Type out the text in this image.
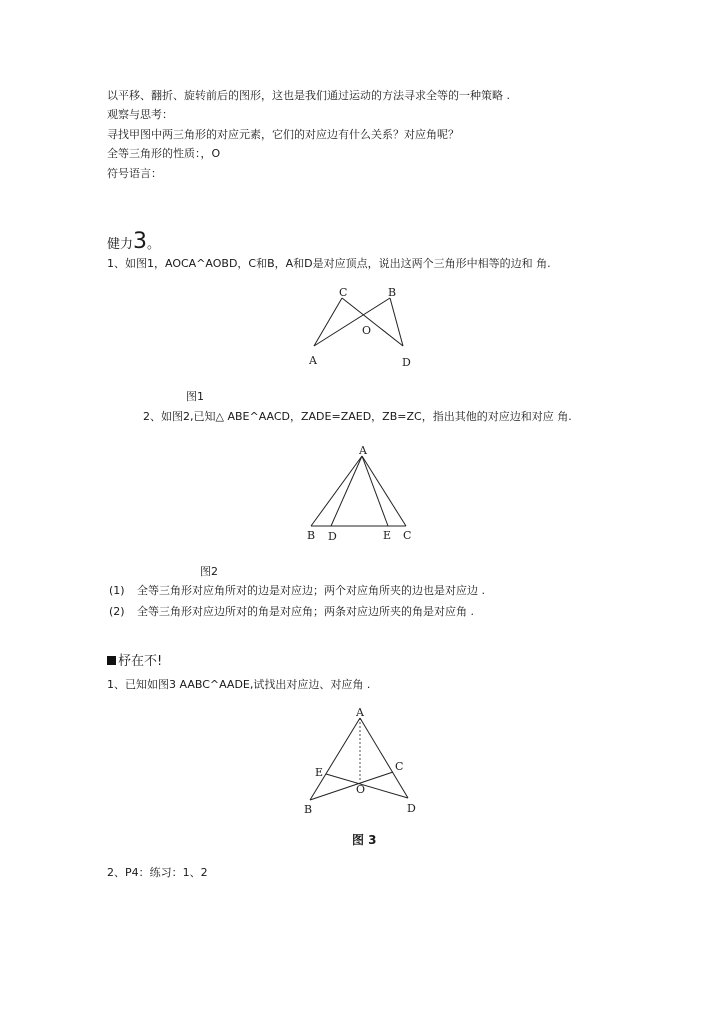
以平移、翻折、旋转前后的图形，这也是我们通过运动的方法寻求全等的一种策略 .
观察与思考：
寻找甲图中两三角形的对应元素，它们的对应边有什么关系？对应角呢？
全等三角形的性质：，O
符号语言：
健力3。
1、如图1，AOCA^AOBD，C和B，A和D是对应顶点，说出这两个三角形中相等的边和 角.
C	B
O
A	D
图1
2、如图2,已知△ ABE^AACD，ZADE=ZAED，ZB=ZC，指出其他的对应边和对应 角.
A
B D	E C
图2
(1) 全等三角形对应角所对的边是对应边；两个对应角所夹的边也是对应边 .
(2) 全等三角形对应边所对的角是对应角；两条对应边所夹的角是对应角 .
杼在不!
1、已知如图3 AABC^AADE,试找出对应边、对应角 .
A
E	C
O
B	D
图 3
2、P4：练习：1、2
